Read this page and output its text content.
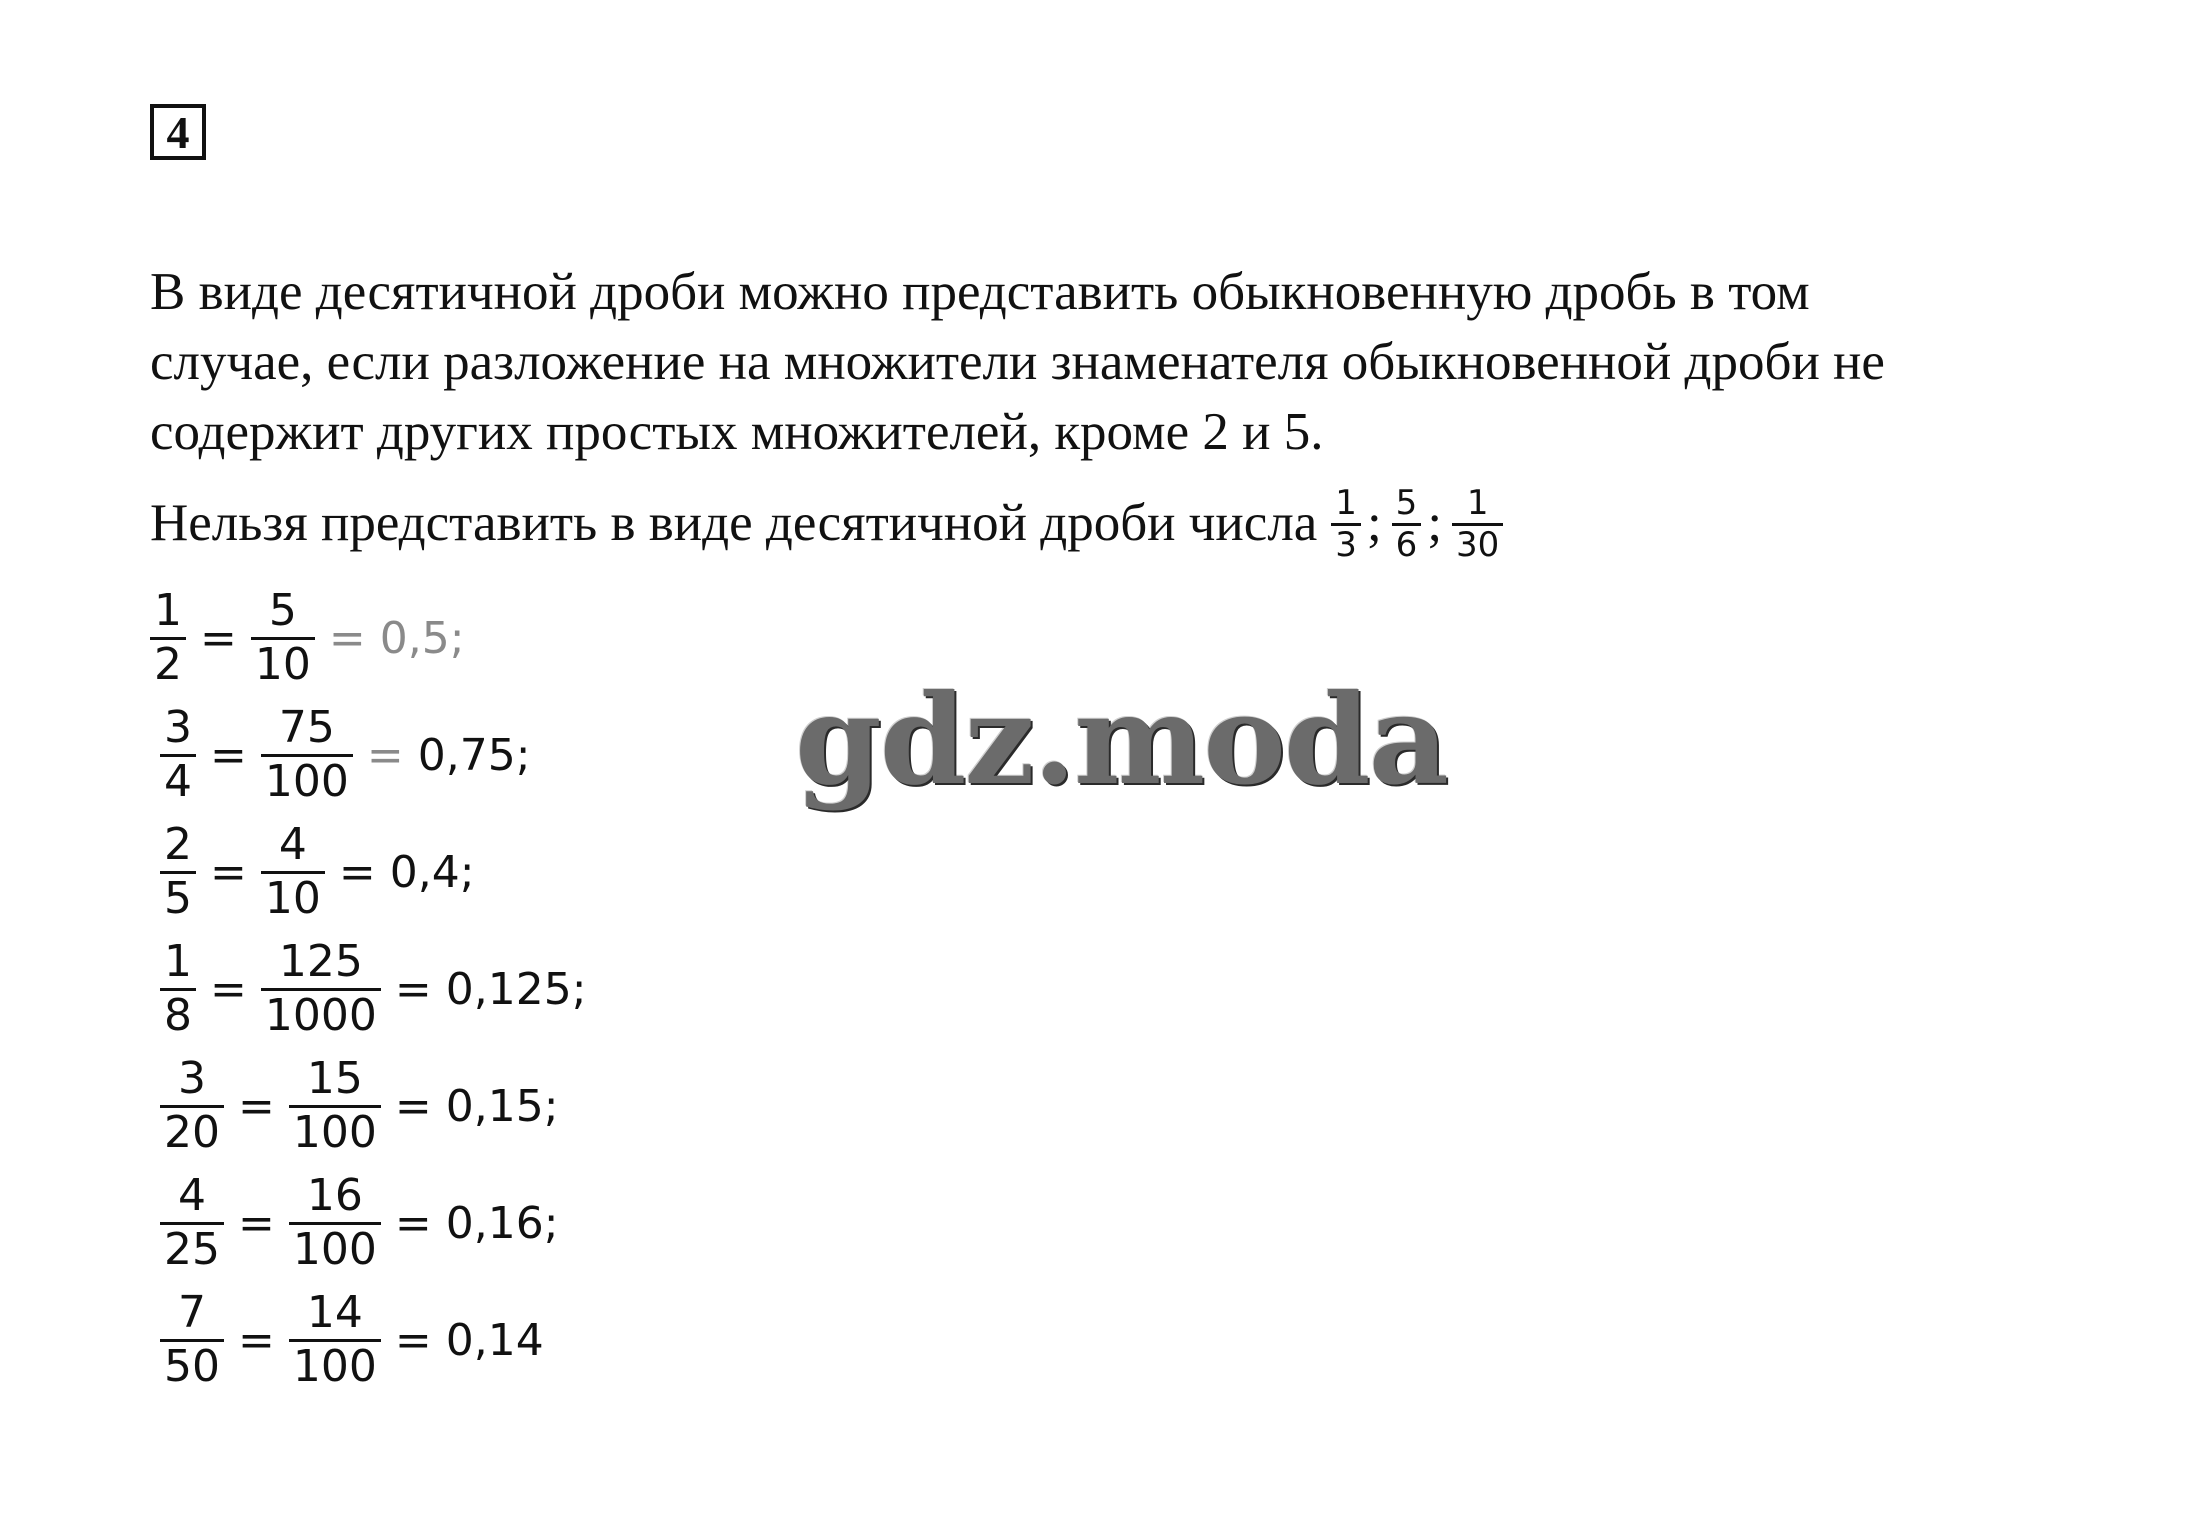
4
В виде десятичной дроби можно представить обыкновенную дробь в том
случае, если разложение на множители знаменателя обыкновенной дроби не
содержит других простых множителей, кроме 2 и 5.
Нельзя представить в виде десятичной дроби числа $\frac{1}{3}$ ; $\frac{5}{6}$ ; $\frac{1}{30}$
$\frac{1}{2} = \frac{5}{10} = 0,5$;
$\frac{3}{4} = \frac{75}{100} = 0,75$;
$\frac{2}{5} = \frac{4}{10} = 0,4$;
$\frac{1}{8} = \frac{125}{1000} = 0,125$;
$\frac{3}{20} = \frac{15}{100} = 0,15$;
$\frac{4}{25} = \frac{16}{100} = 0,16$;
$\frac{7}{50} = \frac{14}{100} = 0,14$
gdz.moda
